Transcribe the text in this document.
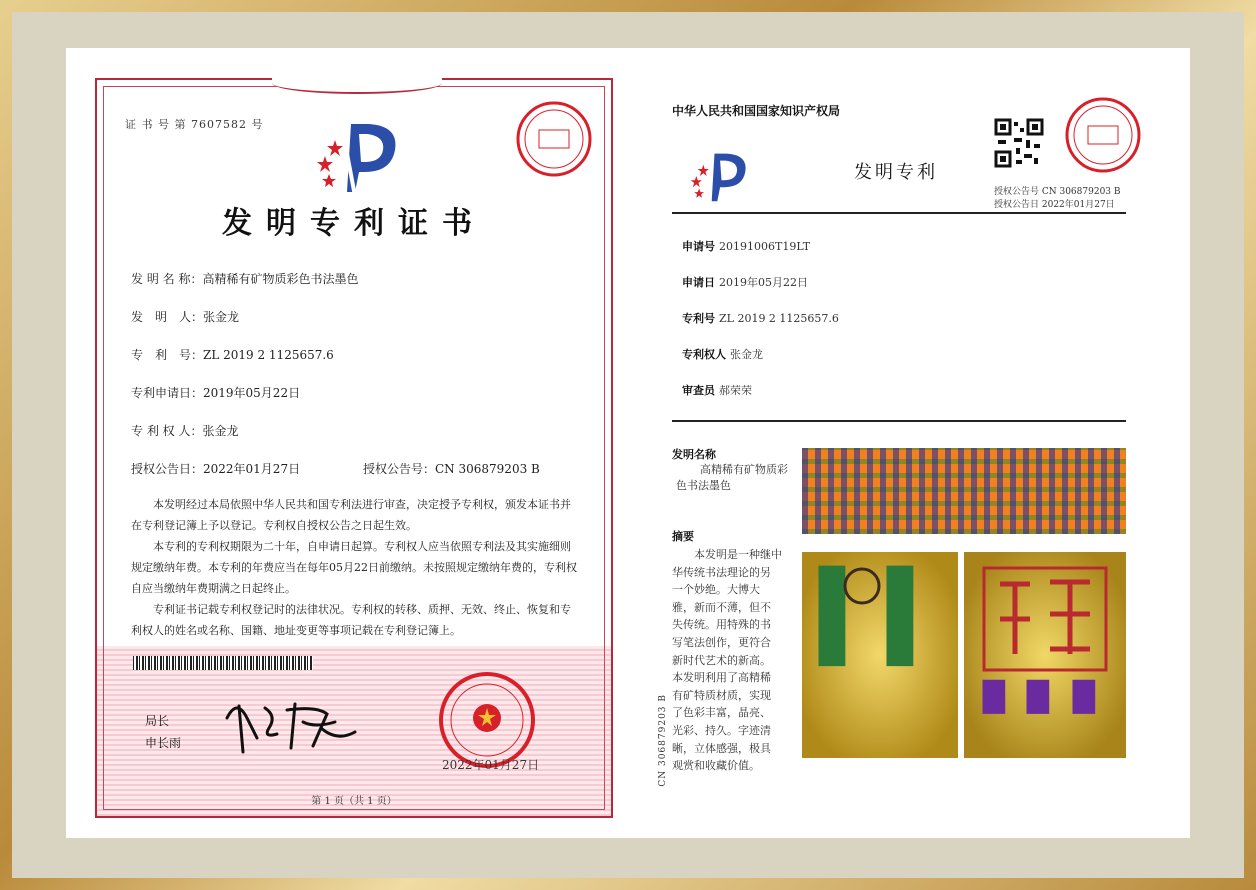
证 书 号 第 7607582 号
发明专利证书
发 明 名 称：高精稀有矿物质彩色书法墨色
发　明　人：张金龙
专　利　号：ZL 2019 2 1125657.6
专利申请日：2019年05月22日
专 利 权 人：张金龙
授权公告日：2022年01月27日	授权公告号：CN 306879203 B

本发明经过本局依照中华人民共和国专利法进行审查，决定授予专利权，颁发本证书并在专利登记簿上予以登记。专利权自授权公告之日起生效。

本专利的专利权期限为二十年，自申请日起算。专利权人应当依照专利法及其实施细则规定缴纳年费。本专利的年费应当在每年05月22日前缴纳。未按照规定缴纳年费的，专利权自应当缴纳年费期满之日起终止。

专利证书记载专利权登记时的法律状况。专利权的转移、质押、无效、终止、恢复和专利权人的姓名或名称、国籍、地址变更等事项记载在专利登记簿上。

局长
申长雨
2022年01月27日
第 1 页（共 1 页）
中华人民共和国国家知识产权局
发明专利
授权公告号 CN 306879203 B
授权公告日 2022年01月27日
申请号 20191006T19LT
申请日 2019年05月22日
专利号 ZL 2019 2 1125657.6
专利权人 张金龙
审查员 郝荣荣
发明名称
高精稀有矿物质彩
色书法墨色
摘要
　　本发明是一种继中
华传统书法理论的另
一个妙绝。大博大
雅，新而不薄，但不
失传统。用特殊的书
写笔法创作，更符合
新时代艺术的新高。
本发明利用了高精稀
有矿特质材质，实现
了色彩丰富，晶亮、
光彩、持久。字迹清
晰，立体感强，极具
观赏和收藏价值。
CN 306879203 B
▇▇▇▇▇ ▇▇▇▇▇
▇▇ ▇▇ ▇▇
